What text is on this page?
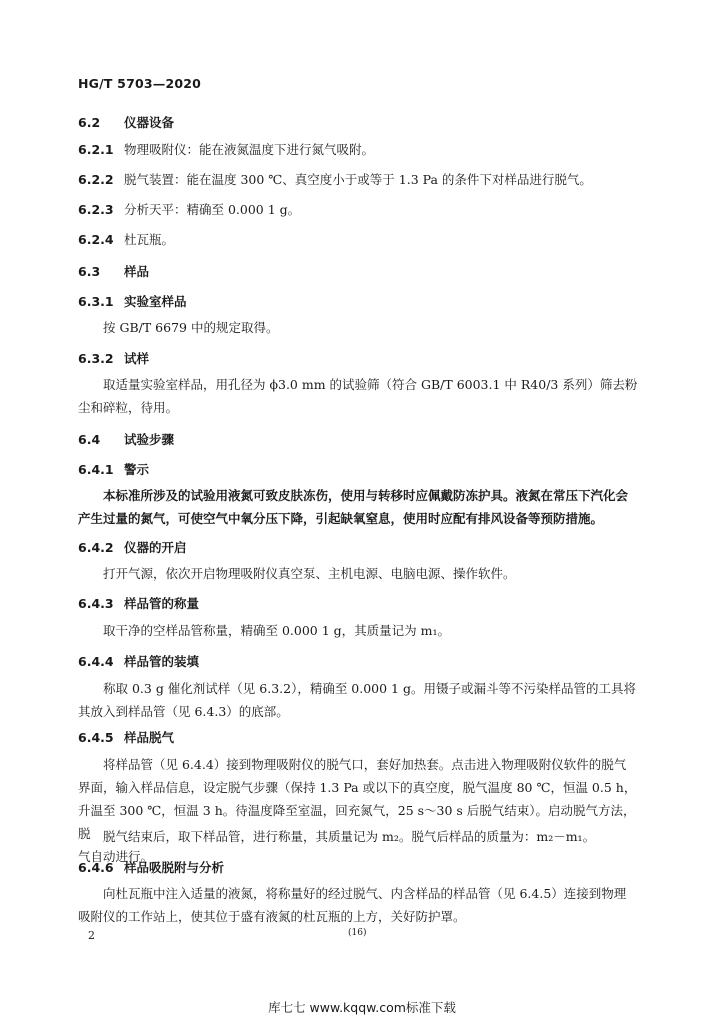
HG/T 5703—2020
6.2 仪器设备
6.2.1 物理吸附仪：能在液氮温度下进行氮气吸附。
6.2.2 脱气装置：能在温度 300 ℃、真空度小于或等于 1.3 Pa 的条件下对样品进行脱气。
6.2.3 分析天平：精确至 0.000 1 g。
6.2.4 杜瓦瓶。
6.3 样品
6.3.1 实验室样品
按 GB/T 6679 中的规定取得。
6.3.2 试样
取适量实验室样品，用孔径为 ϕ3.0 mm 的试验筛（符合 GB/T 6003.1 中 R40/3 系列）筛去粉
尘和碎粒，待用。
6.4 试验步骤
6.4.1 警示
本标准所涉及的试验用液氮可致皮肤冻伤，使用与转移时应佩戴防冻护具。液氮在常压下汽化会
产生过量的氮气，可使空气中氧分压下降，引起缺氧窒息，使用时应配有排风设备等预防措施。
6.4.2 仪器的开启
打开气源，依次开启物理吸附仪真空泵、主机电源、电脑电源、操作软件。
6.4.3 样品管的称量
取干净的空样品管称量，精确至 0.000 1 g，其质量记为 m₁。
6.4.4 样品管的装填
称取 0.3 g 催化剂试样（见 6.3.2），精确至 0.000 1 g。用镊子或漏斗等不污染样品管的工具将
其放入到样品管（见 6.4.3）的底部。
6.4.5 样品脱气
将样品管（见 6.4.4）接到物理吸附仪的脱气口，套好加热套。点击进入物理吸附仪软件的脱气
界面，输入样品信息，设定脱气步骤（保持 1.3 Pa 或以下的真空度，脱气温度 80 ℃，恒温 0.5 h，
升温至 300 ℃，恒温 3 h。待温度降至室温，回充氮气，25 s～30 s 后脱气结束）。启动脱气方法，脱
气自动进行。
脱气结束后，取下样品管，进行称量，其质量记为 m₂。脱气后样品的质量为：m₂－m₁。
6.4.6 样品吸脱附与分析
向杜瓦瓶中注入适量的液氮，将称量好的经过脱气、内含样品的样品管（见 6.4.5）连接到物理
吸附仪的工作站上，使其位于盛有液氮的杜瓦瓶的上方，关好防护罩。
2	(16)
库七七 www.kqqw.com标准下载
